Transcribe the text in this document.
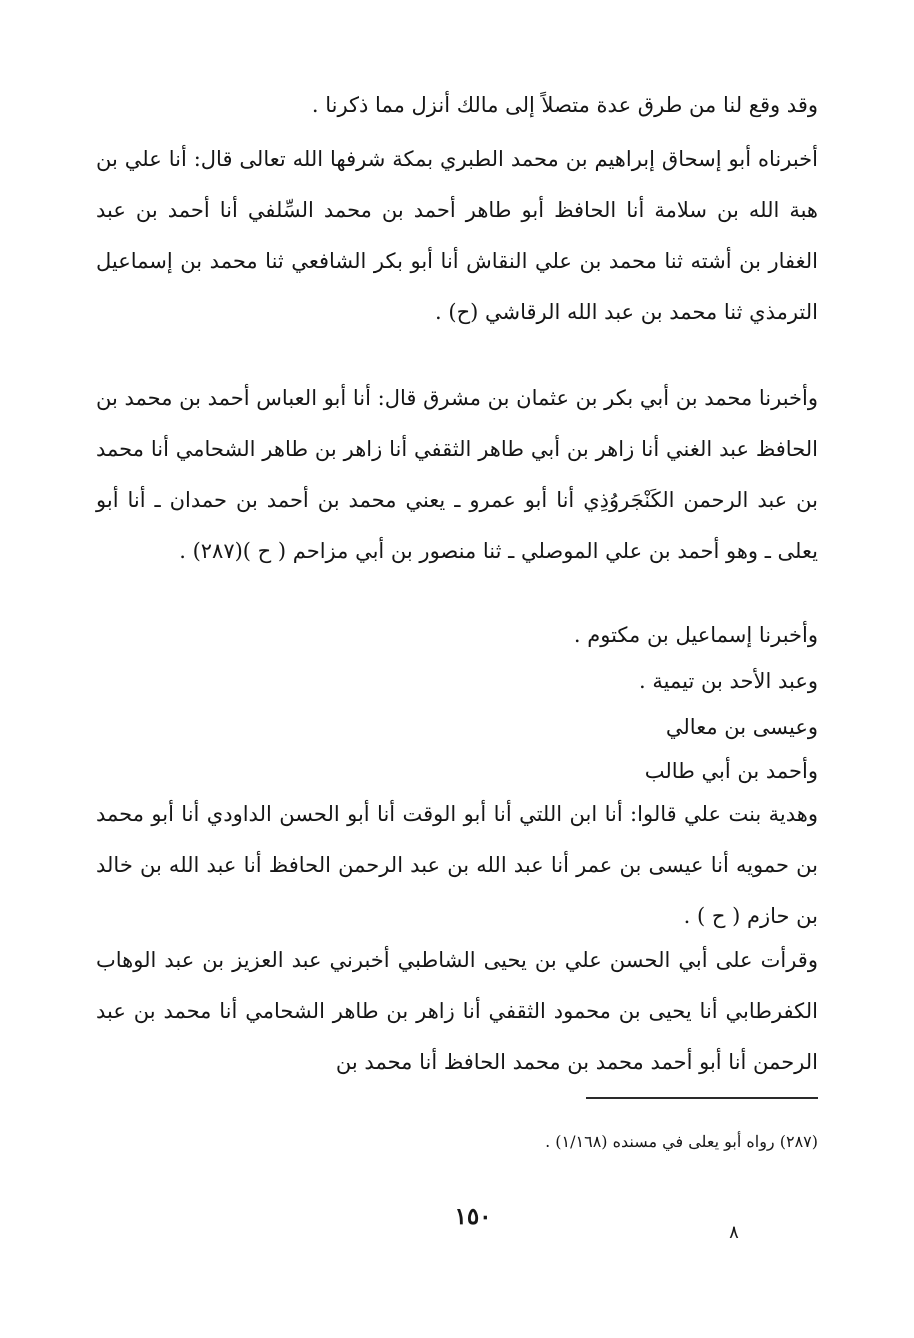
وقد وقع لنا من طرق عدة متصلاً إلى مالك أنزل مما ذكرنا .

أخبرناه أبو إسحاق إبراهيم بن محمد الطبري بمكة شرفها الله تعالى قال: أنا علي بن هبة الله بن سلامة أنا الحافظ أبو طاهر أحمد بن محمد السِّلفي أنا أحمد بن عبد الغفار بن أشته ثنا محمد بن علي النقاش أنا أبو بكر الشافعي ثنا محمد بن إسماعيل الترمذي ثنا محمد بن عبد الله الرقاشي (ح) .

وأخبرنا محمد بن أبي بكر بن عثمان بن مشرق قال: أنا أبو العباس أحمد بن محمد بن الحافظ عبد الغني أنا زاهر بن أبي طاهر الثقفي أنا زاهر بن طاهر الشحامي أنا محمد بن عبد الرحمن الكَنْجَروُذِي أنا أبو عمرو ـ يعني محمد بن أحمد بن حمدان ـ أنا أبو يعلى ـ وهو أحمد بن علي الموصلي ـ ثنا منصور بن أبي مزاحم ( ح )(٢٨٧) .

وأخبرنا إسماعيل بن مكتوم .
وعبد الأحد بن تيمية .
وعيسى بن معالي
وأحمد بن أبي طالب

وهدية بنت علي قالوا: أنا ابن اللتي أنا أبو الوقت أنا أبو الحسن الداودي أنا أبو محمد بن حمويه أنا عيسى بن عمر أنا عبد الله بن عبد الرحمن الحافظ أنا عبد الله بن خالد بن حازم ( ح ) .

وقرأت على أبي الحسن علي بن يحيى الشاطبي أخبرني عبد العزيز بن عبد الوهاب الكفرطابي أنا يحيى بن محمود الثقفي أنا زاهر بن طاهر الشحامي أنا محمد بن عبد الرحمن أنا أبو أحمد محمد بن محمد الحافظ أنا محمد بن

(٢٨٧) رواه أبو يعلى في مسنده (١/١٦٨) .
١٥٠
٨
